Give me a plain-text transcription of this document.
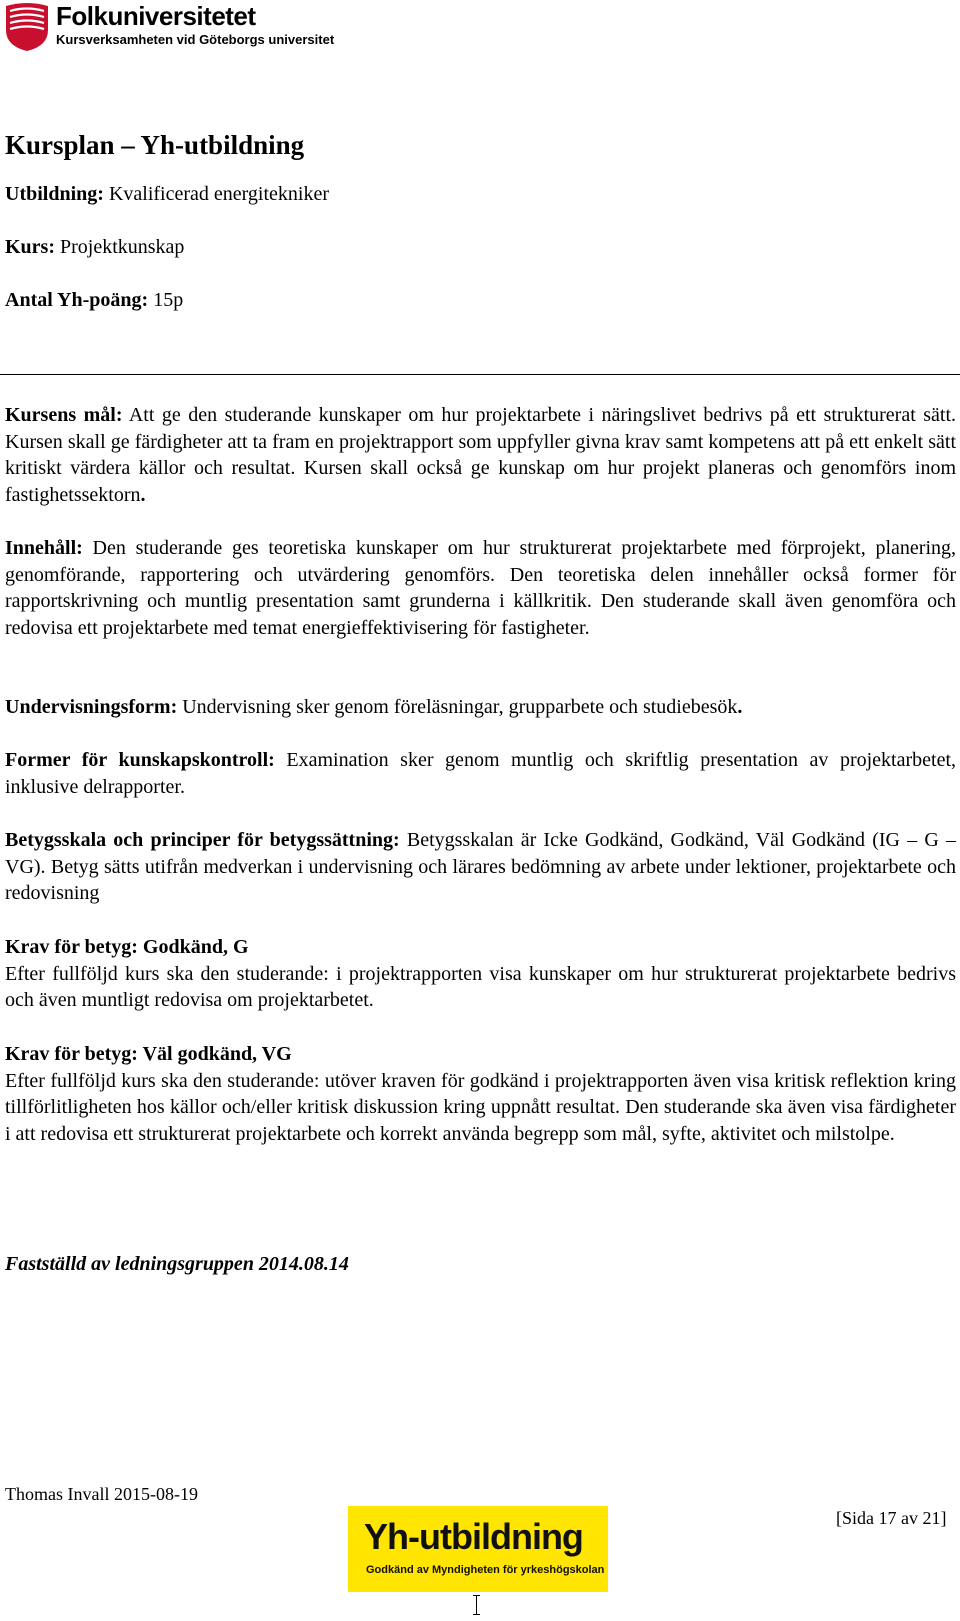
Folkuniversitetet
Kursverksamheten vid Göteborgs universitet
Kursplan – Yh-utbildning
Utbildning: Kvalificerad energitekniker
Kurs: Projektkunskap
Antal Yh-poäng: 15p

Kursens mål: Att ge den studerande kunskaper om hur projektarbete i näringslivet bedrivs på ett strukturerat sätt. Kursen skall ge färdigheter att ta fram en projektrapport som uppfyller givna krav samt kompetens att på ett enkelt sätt kritiskt värdera källor och resultat. Kursen skall också ge kunskap om hur projekt planeras och genomförs inom fastighetssektorn.

Innehåll: Den studerande ges teoretiska kunskaper om hur strukturerat projektarbete med förprojekt, planering, genomförande, rapportering och utvärdering genomförs. Den teoretiska delen innehåller också former för rapportskrivning och muntlig presentation samt grunderna i källkritik. Den studerande skall även genomföra och redovisa ett projektarbete med temat energieffektivisering för fastigheter.

Undervisningsform: Undervisning sker genom föreläsningar, grupparbete och studiebesök.

Former för kunskapskontroll: Examination sker genom muntlig och skriftlig presentation av projektarbetet, inklusive delrapporter.

Betygsskala och principer för betygssättning: Betygsskalan är Icke Godkänd, Godkänd, Väl Godkänd (IG – G – VG). Betyg sätts utifrån medverkan i undervisning och lärares bedömning av arbete under lektioner, projektarbete och redovisning

Krav för betyg: Godkänd, G
Efter fullföljd kurs ska den studerande: i projektrapporten visa kunskaper om hur strukturerat projektarbete bedrivs och även muntligt redovisa om projektarbetet.

Krav för betyg: Väl godkänd, VG
Efter fullföljd kurs ska den studerande: utöver kraven för godkänd i projektrapporten även visa kritisk reflektion kring tillförlitligheten hos källor och/eller kritisk diskussion kring uppnått resultat. Den studerande ska även visa färdigheter i att redovisa ett strukturerat projektarbete och korrekt använda begrepp som mål, syfte, aktivitet och milstolpe.

Fastställd av ledningsgruppen 2014.08.14

Thomas Invall 2015-08-19
Yh-utbildning
Godkänd av Myndigheten för yrkeshögskolan
[Sida 17 av 21]
